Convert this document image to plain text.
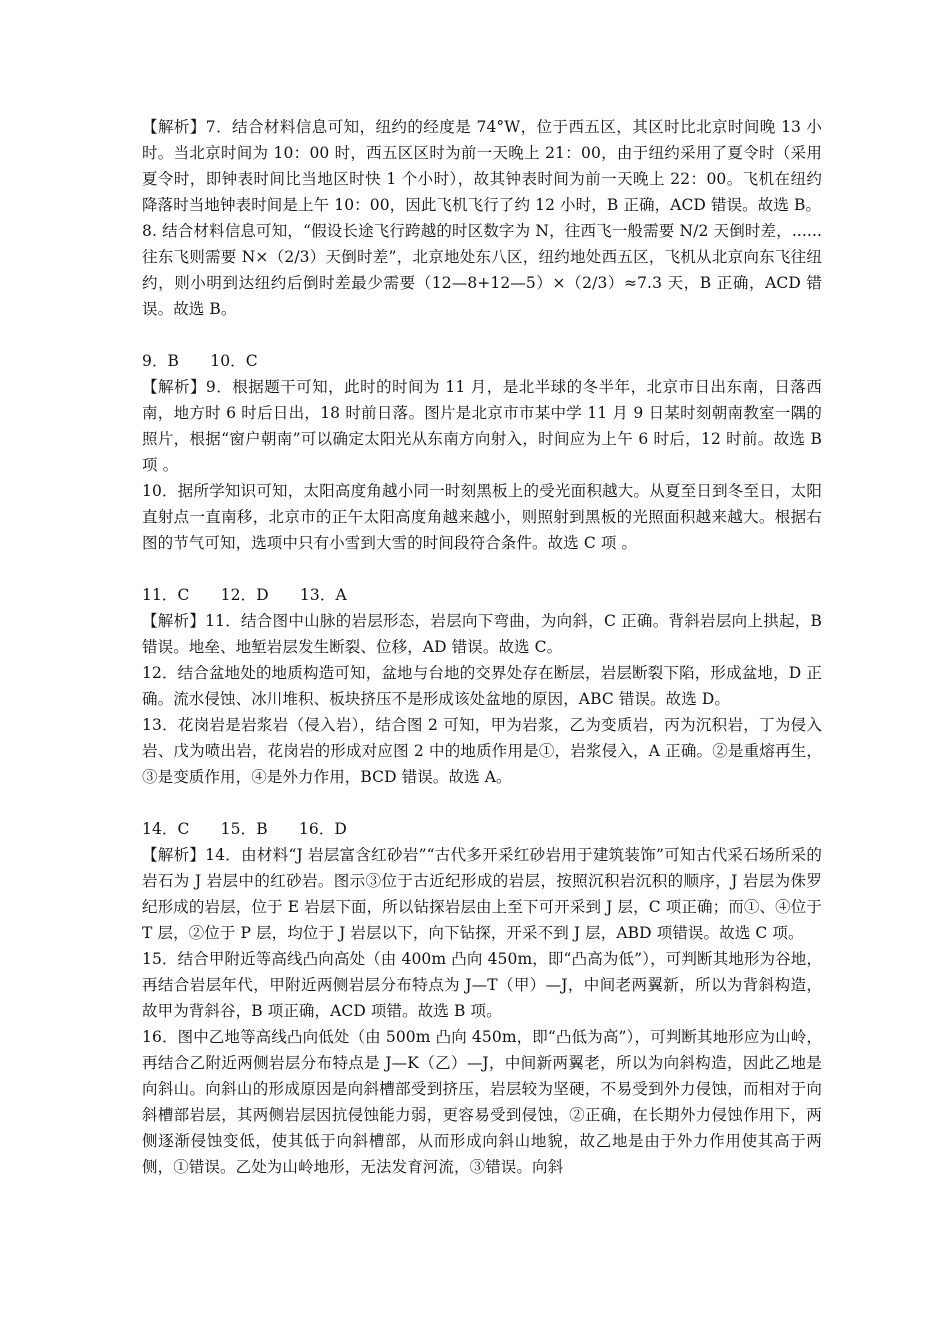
【解析】7．结合材料信息可知，纽约的经度是 74°W，位于西五区，其区时比北京时间晚 13 小时。当北京时间为 10：00 时，西五区区时为前一天晚上 21：00，由于纽约采用了夏令时（采用夏令时，即钟表时间比当地区时快 1 个小时），故其钟表时间为前一天晚上 22：00。飞机在纽约降落时当地钟表时间是上午 10：00，因此飞机飞行了约 12 小时，B 正确，ACD 错误。故选 B。

8. 结合材料信息可知，“假设长途飞行跨越的时区数字为 N，往西飞一般需要 N/2 天倒时差，......　往东飞则需要 N×（2/3）天倒时差”，北京地处东八区，纽约地处西五区，飞机从北京向东飞往纽约，则小明到达纽约后倒时差最少需要（12—8+12—5）×（2/3）≈7.3 天，B 正确，ACD 错误。故选 B。

9．B　　10．C

【解析】9．根据题干可知，此时的时间为 11 月，是北半球的冬半年，北京市日出东南，日落西南，地方时 6 时后日出，18 时前日落。图片是北京市市某中学 11 月 9 日某时刻朝南教室一隅的照片，根据“窗户朝南”可以确定太阳光从东南方向射入，时间应为上午 6 时后，12 时前。故选 B 项 。

10．据所学知识可知，太阳高度角越小同一时刻黑板上的受光面积越大。从夏至日到冬至日，太阳直射点一直南移，北京市的正午太阳高度角越来越小，则照射到黑板的光照面积越来越大。根据右图的节气可知，选项中只有小雪到大雪的时间段符合条件。故选 C 项 。

11．C　　12．D　　13．A

【解析】11．结合图中山脉的岩层形态，岩层向下弯曲，为向斜，C 正确。背斜岩层向上拱起，B 错误。地垒、地堑岩层发生断裂、位移，AD 错误。故选 C。

12．结合盆地处的地质构造可知，盆地与台地的交界处存在断层，岩层断裂下陷，形成盆地，D 正确。流水侵蚀、冰川堆积、板块挤压不是形成该处盆地的原因，ABC 错误。故选 D。

13．花岗岩是岩浆岩（侵入岩），结合图 2 可知，甲为岩浆，乙为变质岩，丙为沉积岩，丁为侵入岩、戊为喷出岩，花岗岩的形成对应图 2 中的地质作用是①，岩浆侵入，A 正确。②是重熔再生，③是变质作用，④是外力作用，BCD 错误。故选 A。

14．C　　15．B　　16．D

【解析】14．由材料“J 岩层富含红砂岩”“古代多开采红砂岩用于建筑装饰”可知古代采石场所采的岩石为 J 岩层中的红砂岩。图示③位于古近纪形成的岩层，按照沉积岩沉积的顺序，J 岩层为侏罗纪形成的岩层，位于 E 岩层下面，所以钻探岩层由上至下可开采到 J 层，C 项正确；而①、④位于 T 层，②位于 P 层，均位于 J 岩层以下，向下钻探，开采不到 J 层，ABD 项错误。故选 C 项。

15．结合甲附近等高线凸向高处（由 400m 凸向 450m，即“凸高为低”），可判断其地形为谷地，再结合岩层年代，甲附近两侧岩层分布特点为 J—T（甲）—J，中间老两翼新，所以为背斜构造，故甲为背斜谷，B 项正确，ACD 项错。故选 B 项。

16．图中乙地等高线凸向低处（由 500m 凸向 450m，即“凸低为高”），可判断其地形应为山岭，再结合乙附近两侧岩层分布特点是 J—K（乙）—J，中间新两翼老，所以为向斜构造，因此乙地是向斜山。向斜山的形成原因是向斜槽部受到挤压，岩层较为坚硬，不易受到外力侵蚀，而相对于向斜槽部岩层，其两侧岩层因抗侵蚀能力弱，更容易受到侵蚀，②正确，在长期外力侵蚀作用下，两侧逐渐侵蚀变低，使其低于向斜槽部，从而形成向斜山地貌，故乙地是由于外力作用使其高于两侧，①错误。乙处为山岭地形，无法发育河流，③错误。向斜
